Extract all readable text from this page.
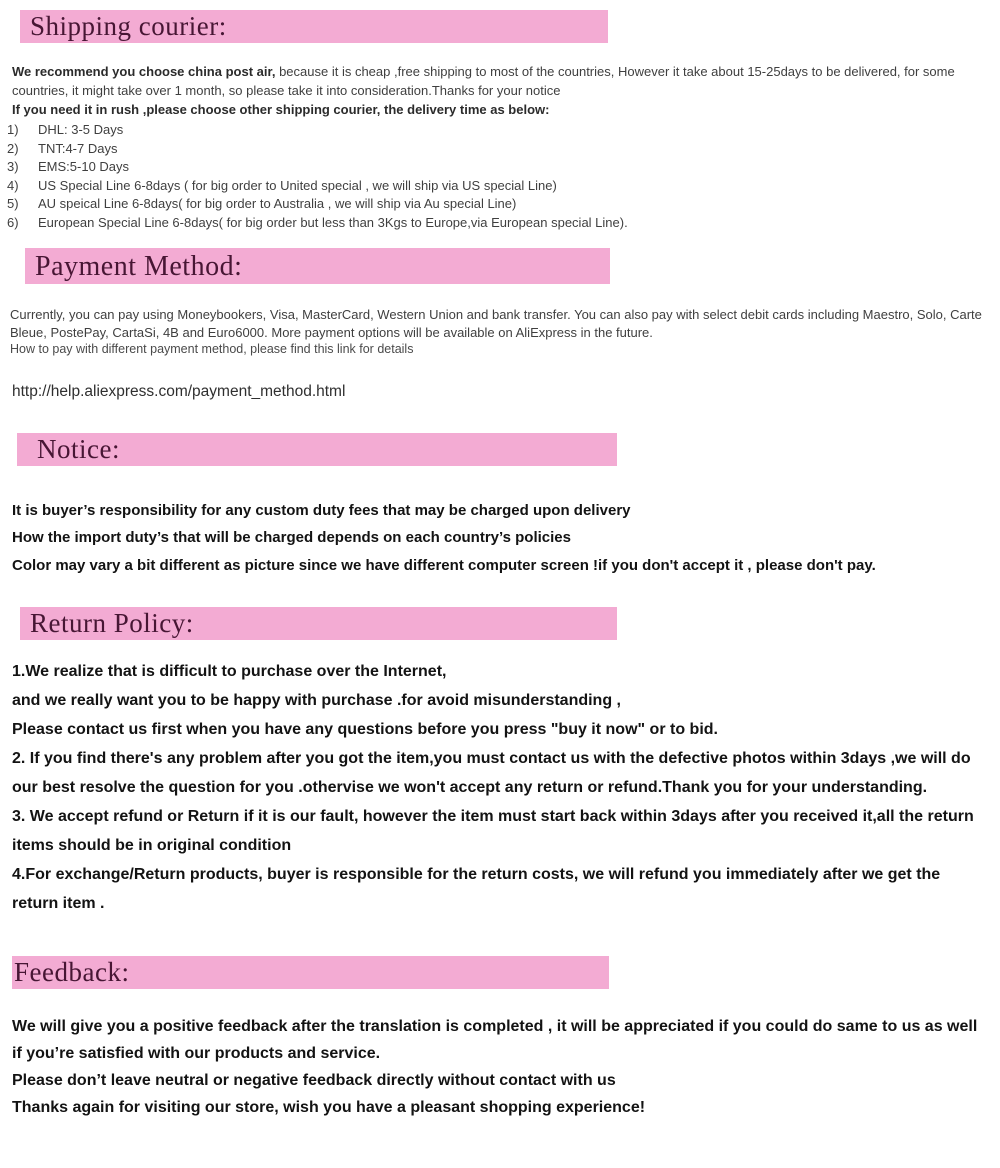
Shipping courier:

We recommend you choose china post air, because it is cheap ,free shipping to most of the countries, However it take about 15-25days to be delivered, for some countries, it might take over 1 month, so please take it into consideration.Thanks for your notice

If you need it in rush ,please choose other shipping courier, the delivery time as below:
1)	DHL: 3-5 Days
2)	TNT:4-7 Days
3)	EMS:5-10 Days
4)	US Special Line 6-8days ( for big order to United special , we will ship via US special Line)
5)	AU speical Line 6-8days( for big order to Australia , we will ship via Au special Line)
6)	European Special Line 6-8days( for big order but less than 3Kgs to Europe,via European special Line).
Payment Method:
Currently, you can pay using Moneybookers, Visa, MasterCard, Western Union and bank transfer. You can also pay with select debit cards including Maestro, Solo, Carte Bleue, PostePay, CartaSi, 4B and Euro6000. More payment options will be available on AliExpress in the future.
How to pay with different payment method, please find this link for details
http://help.aliexpress.com/payment_method.html
Notice:
It is buyer’s responsibility for any custom duty fees that may be charged upon delivery
How the import duty’s that will be charged depends on each country’s policies
Color may vary a bit different as picture since we have different computer screen !if you don't accept it , please don't pay.
Return Policy:
1.We realize that is difficult to purchase over the Internet,
and we really want you to be happy with purchase .for avoid misunderstanding ,
Please contact us first when you have any questions before you press "buy it now" or to bid.
2. If you find there's any problem after you got the item,you must contact us with the defective photos within 3days ,we will do our best resolve the question for you .othervise we won't accept any return or refund.Thank you for your understanding.
3. We accept refund or Return if it is our fault, however the item must start back within 3days after you received it,all the return items should be in original condition
4.For exchange/Return products, buyer is responsible for the return costs, we will refund you immediately after we get the return item .
Feedback:
We will give you a positive feedback after the translation is completed , it will be appreciated if you could do same to us as well if you’re satisfied with our products and service.
Please don’t leave neutral or negative feedback directly without contact with us
Thanks again for visiting our store, wish you have a pleasant shopping experience!
